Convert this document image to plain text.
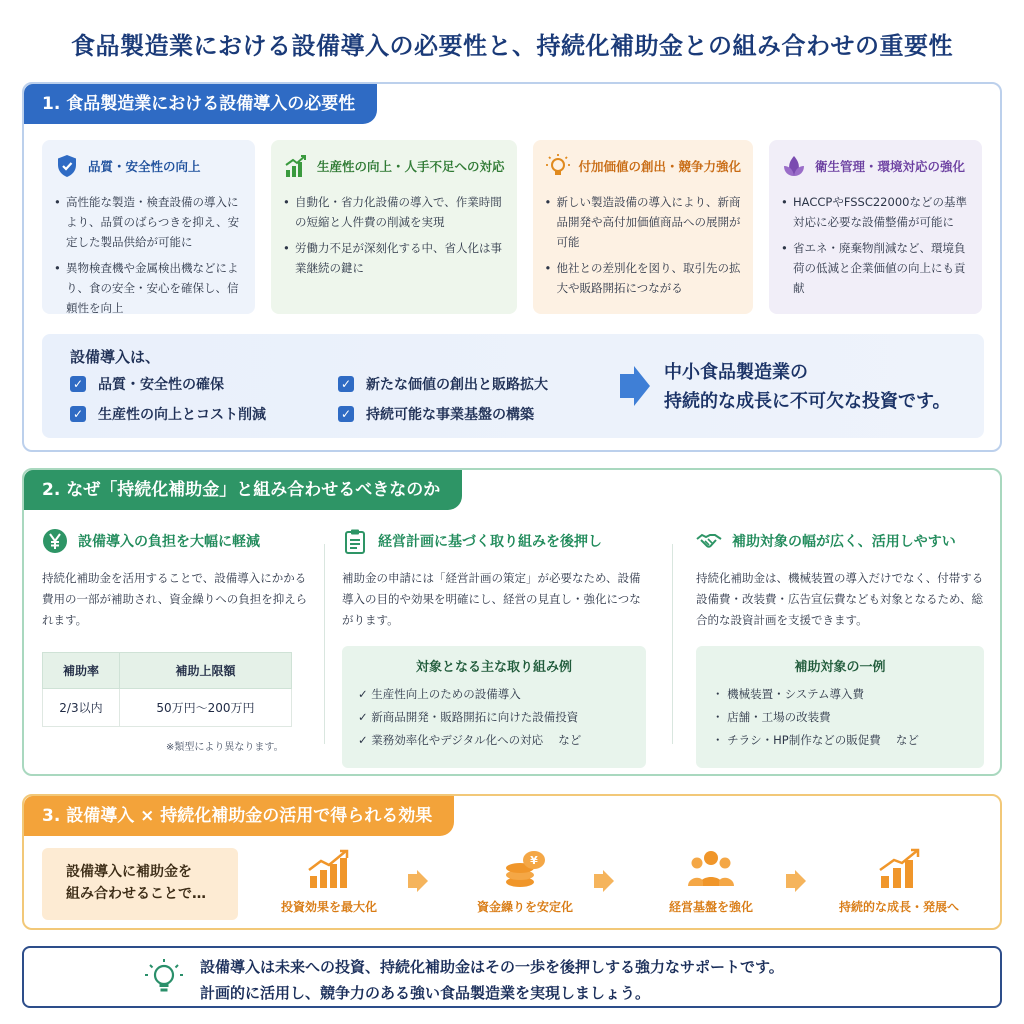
食品製造業における設備導入の必要性と、持続化補助金との組み合わせの重要性
1. 食品製造業における設備導入の必要性
品質・安全性の向上
• 高性能な製造・検査設備の導入により、品質のばらつきを抑え、安定した製品供給が可能に
• 異物検査機や金属検出機などにより、食の安全・安心を確保し、信頼性を向上
生産性の向上・人手不足への対応
• 自動化・省力化設備の導入で、作業時間の短縮と人件費の削減を実現
• 労働力不足が深刻化する中、省人化は事業継続の鍵に
付加価値の創出・競争力強化
• 新しい製造設備の導入により、新商品開発や高付加価値商品への展開が可能
• 他社との差別化を図り、取引先の拡大や販路開拓につながる
衛生管理・環境対応の強化
• HACCPやFSSC22000などの基準対応に必要な設備整備が可能に
• 省エネ・廃棄物削減など、環境負荷の低減と企業価値の向上にも貢献
設備導入は、
✓ 品質・安全性の確保
✓ 生産性の向上とコスト削減
✓ 新たな価値の創出と販路拡大
✓ 持続可能な事業基盤の構築
中小食品製造業の
持続的な成長に不可欠な投資です。
2. なぜ「持続化補助金」と組み合わせるべきなのか
設備導入の負担を大幅に軽減

持続化補助金を活用することで、設備導入にかかる費用の一部が補助され、資金繰りへの負担を抑えられます。

補助率	補助上限額
2/3以内	50万円〜200万円
※類型により異なります。
経営計画に基づく取り組みを後押し

補助金の申請には「経営計画の策定」が必要なため、設備導入の目的や効果を明確にし、経営の見直し・強化につながります。

対象となる主な取り組み例
✓ 生産性向上のための設備導入
✓ 新商品開発・販路開拓に向けた設備投資
✓ 業務効率化やデジタル化への対応　 など
補助対象の幅が広く、活用しやすい

持続化補助金は、機械装置の導入だけでなく、付帯する設備費・改装費・広告宣伝費なども対象となるため、総合的な設資計画を支援できます。

補助対象の一例
・ 機械装置・システム導入費
・ 店舗・工場の改装費
・ チラシ・HP制作などの販促費　 など
3. 設備導入 × 持続化補助金の活用で得られる効果
設備導入に補助金を
組み合わせることで…
投資効果を最大化
¥
資金繰りを安定化	経営基盤を強化	持続的な成長・発展へ
設備導入は未来への投資、持続化補助金はその一歩を後押しする強力なサポートです。
計画的に活用し、競争力のある強い食品製造業を実現しましょう。
